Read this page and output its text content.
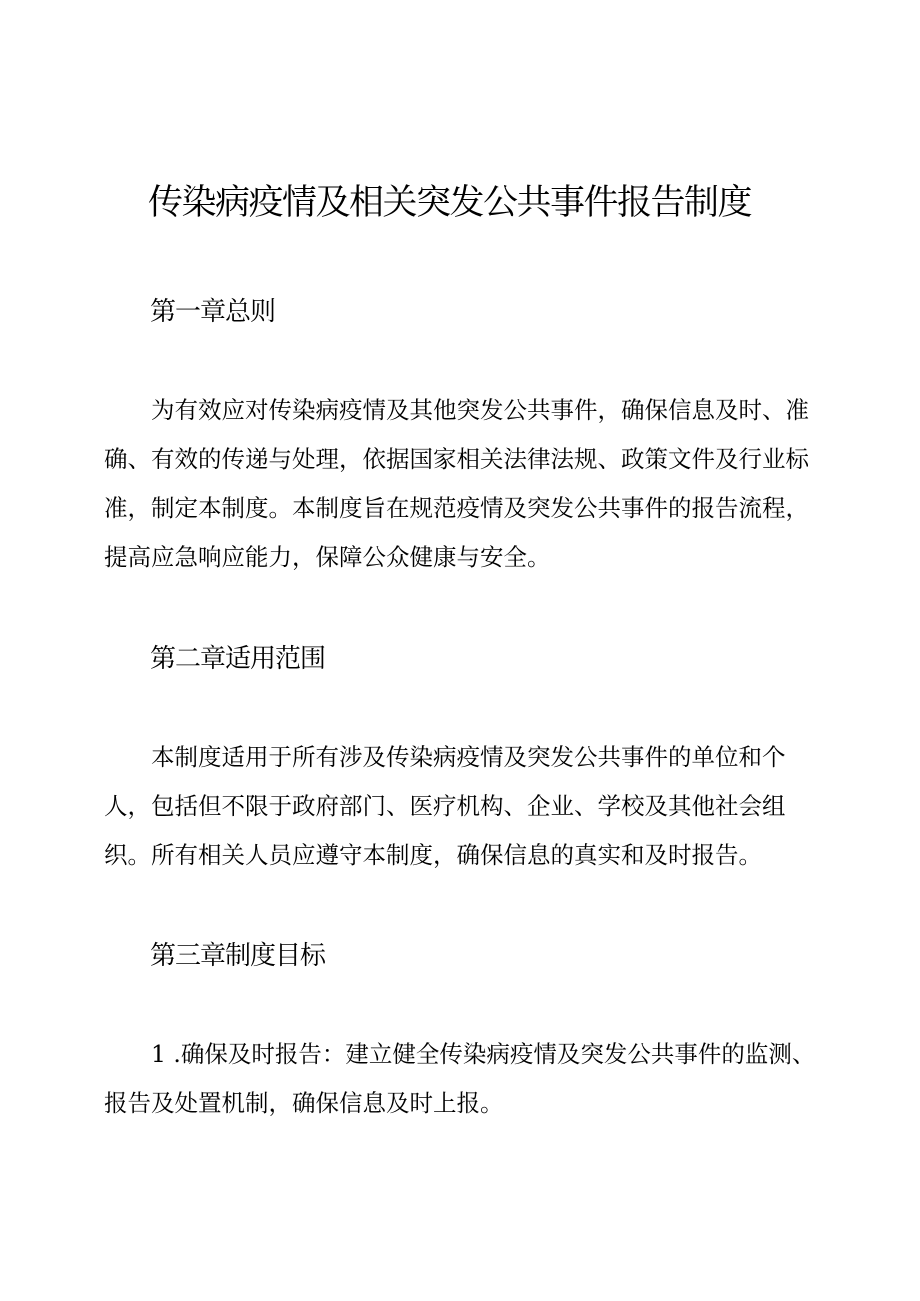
传染病疫情及相关突发公共事件报告制度
第一章总则
为有效应对传染病疫情及其他突发公共事件，确保信息及时、准
确、有效的传递与处理，依据国家相关法律法规、政策文件及行业标
准，制定本制度。本制度旨在规范疫情及突发公共事件的报告流程，
提高应急响应能力，保障公众健康与安全。
第二章适用范围
本制度适用于所有涉及传染病疫情及突发公共事件的单位和个
人，包括但不限于政府部门、医疗机构、企业、学校及其他社会组
织。所有相关人员应遵守本制度，确保信息的真实和及时报告。
第三章制度目标
1 .确保及时报告：建立健全传染病疫情及突发公共事件的监测、
报告及处置机制，确保信息及时上报。
